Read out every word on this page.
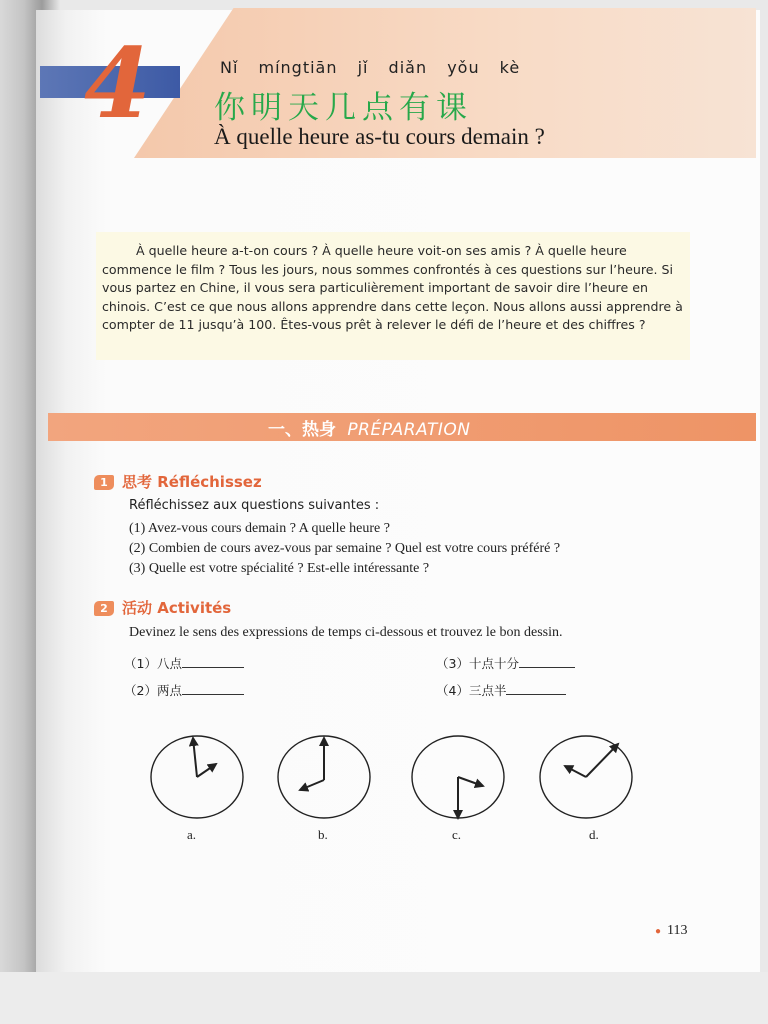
4	Nǐ míngtiān jǐ diǎn yǒu kè
你明天几点有课
À quelle heure as-tu cours demain ?

À quelle heure a-t-on cours ? À quelle heure voit-on ses amis ? À quelle heure commence le film ? Tous les jours, nous sommes confrontés à ces questions sur l’heure. Si vous partez en Chine, il vous sera particulièrement important de savoir dire l’heure en chinois. C’est ce que nous allons apprendre dans cette leçon. Nous allons aussi apprendre à compter de 11 jusqu’à 100. Êtes-vous prêt à relever le défi de l’heure et des chiffres ?

一、热身 PRÉPARATION
1 思考 Réfléchissez
Réfléchissez aux questions suivantes :
(1) Avez-vous cours demain ? A quelle heure ?
(2) Combien de cours avez-vous par semaine ? Quel est votre cours préféré ?
(3) Quelle est votre spécialité ? Est-elle intéressante ?
2 活动 Activités
Devinez le sens des expressions de temps ci-dessous et trouvez le bon dessin.
（1）八点
（2）两点
（3）十点十分
（4）三点半
a.	b.	c.	d.
● 113
